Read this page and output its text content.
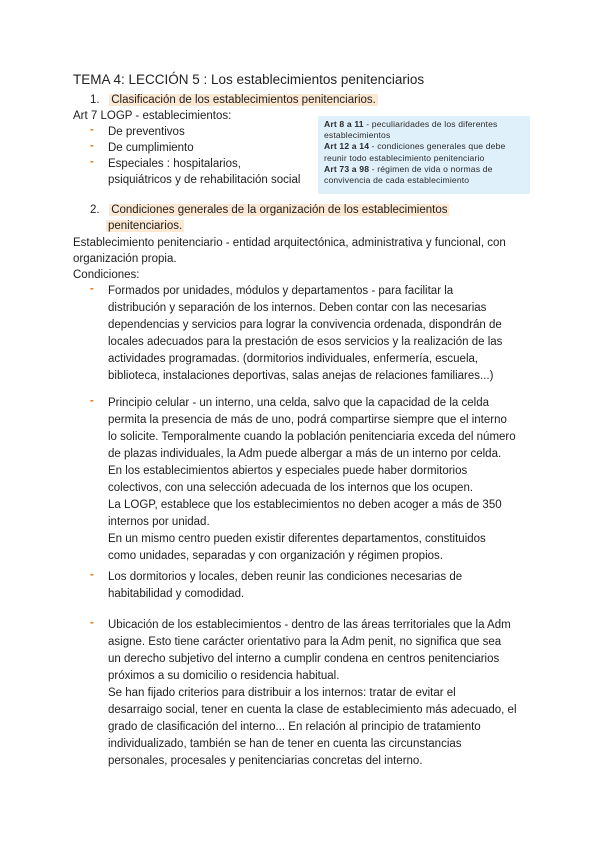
TEMA 4: LECCIÓN 5 : Los establecimientos penitenciarios
1. Clasificación de los establecimientos penitenciarios.
Art 7 LOGP - establecimientos:
- De preventivos
- De cumplimiento
- Especiales : hospitalarios,
psiquiátricos y de rehabilitación social
Art 8 a 11 - peculiaridades de los diferentes
establecimientos
Art 12 a 14 - condiciones generales que debe
reunir todo establecimiento penitenciario
Art 73 a 98 - régimen de vida o normas de
convivencia de cada establecimiento
2. Condiciones generales de la organización de los establecimientos
penitenciarios.
Establecimiento penitenciario - entidad arquitectónica, administrativa y funcional, con
organización propia.
Condiciones:
- Formados por unidades, módulos y departamentos - para facilitar la
distribución y separación de los internos. Deben contar con las necesarias
dependencias y servicios para lograr la convivencia ordenada, dispondrán de
locales adecuados para la prestación de esos servicios y la realización de las
actividades programadas. (dormitorios individuales, enfermería, escuela,
biblioteca, instalaciones deportivas, salas anejas de relaciones familiares...)
- Principio celular - un interno, una celda, salvo que la capacidad de la celda
permita la presencia de más de uno, podrá compartirse siempre que el interno
lo solicite. Temporalmente cuando la población penitenciaria exceda del número
de plazas individuales, la Adm puede albergar a más de un interno por celda.
En los establecimientos abiertos y especiales puede haber dormitorios
colectivos, con una selección adecuada de los internos que los ocupen.
La LOGP, establece que los establecimientos no deben acoger a más de 350
internos por unidad.
En un mismo centro pueden existir diferentes departamentos, constituidos
como unidades, separadas y con organización y régimen propios.
- Los dormitorios y locales, deben reunir las condiciones necesarias de
habitabilidad y comodidad.
- Ubicación de los establecimientos - dentro de las áreas territoriales que la Adm
asigne. Esto tiene carácter orientativo para la Adm penit, no significa que sea
un derecho subjetivo del interno a cumplir condena en centros penitenciarios
próximos a su domicilio o residencia habitual.
Se han fijado criterios para distribuir a los internos: tratar de evitar el
desarraigo social, tener en cuenta la clase de establecimiento más adecuado, el
grado de clasificación del interno... En relación al principio de tratamiento
individualizado, también se han de tener en cuenta las circunstancias
personales, procesales y penitenciarias concretas del interno.
